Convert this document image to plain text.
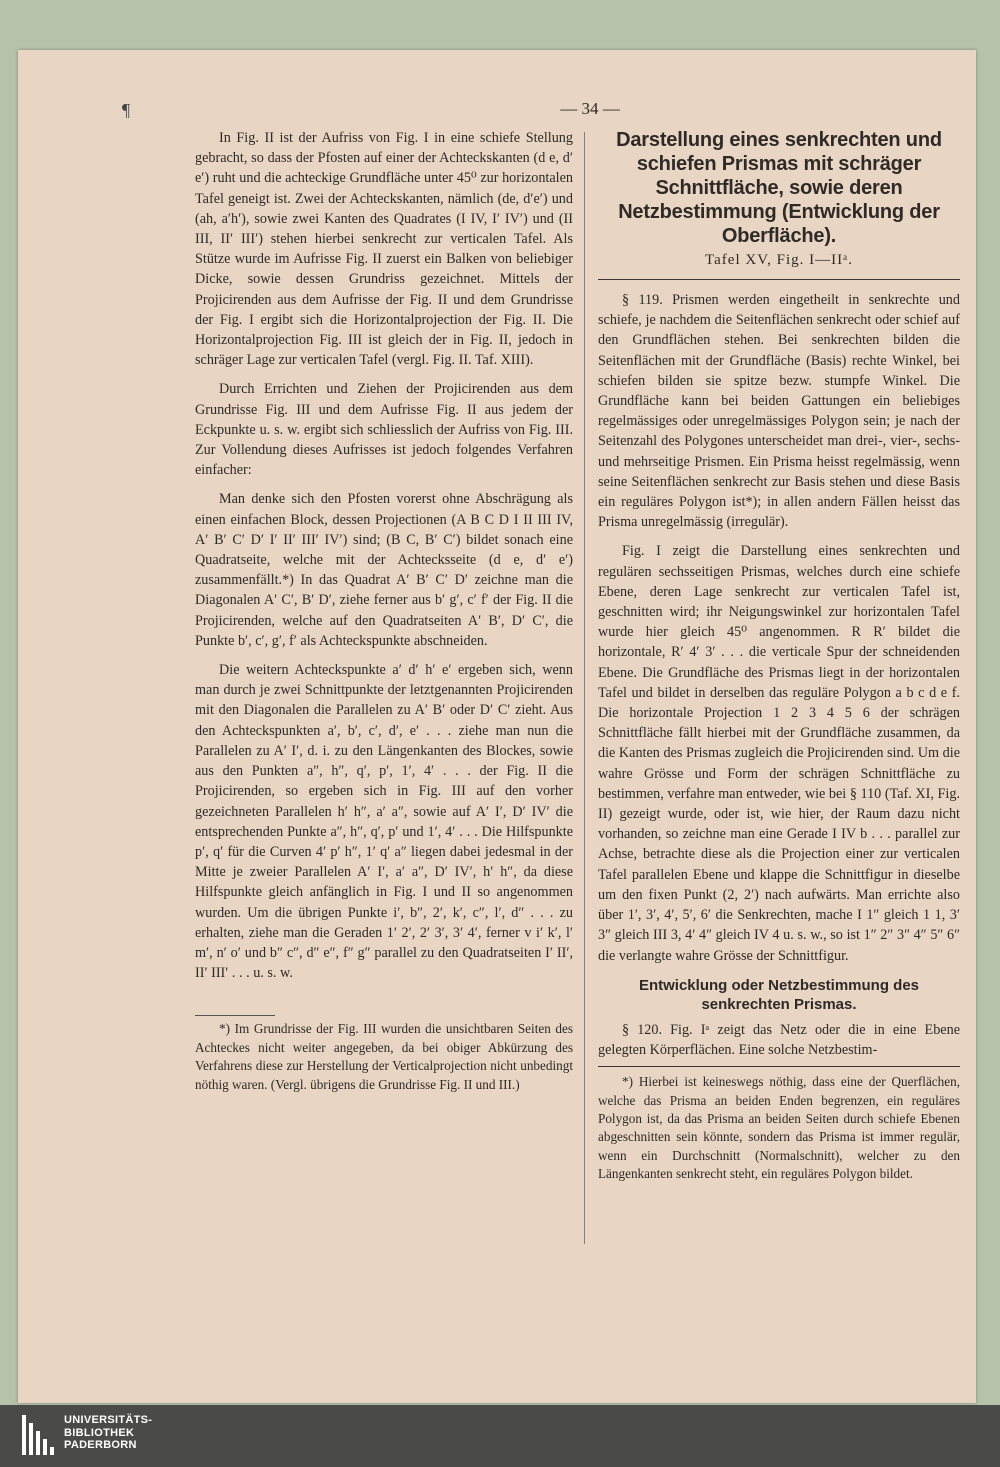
¶	— 34 —

In Fig. II ist der Aufriss von Fig. I in eine schiefe Stellung gebracht, so dass der Pfosten auf einer der Achteckskanten (d e, d′ e′) ruht und die achteckige Grundfläche unter 45⁰ zur horizontalen Tafel geneigt ist. Zwei der Achteckskanten, nämlich (de, d′e′) und (ah, a′h′), sowie zwei Kanten des Quadrates (I IV, I′ IV′) und (II III, II′ III′) stehen hierbei senkrecht zur verticalen Tafel. Als Stütze wurde im Aufrisse Fig. II zuerst ein Balken von beliebiger Dicke, sowie dessen Grundriss gezeichnet. Mittels der Projicirenden aus dem Aufrisse der Fig. II und dem Grundrisse der Fig. I ergibt sich die Horizontalprojection der Fig. II. Die Horizontalprojection Fig. III ist gleich der in Fig. II, jedoch in schräger Lage zur verticalen Tafel (vergl. Fig. II. Taf. XIII).

Durch Errichten und Ziehen der Projicirenden aus dem Grundrisse Fig. III und dem Aufrisse Fig. II aus jedem der Eckpunkte u. s. w. ergibt sich schliesslich der Aufriss von Fig. III. Zur Vollendung dieses Aufrisses ist jedoch folgendes Verfahren einfacher:

Man denke sich den Pfosten vorerst ohne Abschrägung als einen einfachen Block, dessen Projectionen (A B C D I II III IV, A′ B′ C′ D′ I′ II′ III′ IV′) sind; (B C, B′ C′) bildet sonach eine Quadratseite, welche mit der Achtecksseite (d e, d′ e′) zusammenfällt.*) In das Quadrat A′ B′ C′ D′ zeichne man die Diagonalen A′ C′, B′ D′, ziehe ferner aus b′ g′, c′ f′ der Fig. II die Projicirenden, welche auf den Quadratseiten A′ B′, D′ C′, die Punkte b′, c′, g′, f′ als Achteckspunkte abschneiden.

Die weitern Achteckspunkte a′ d′ h′ e′ ergeben sich, wenn man durch je zwei Schnittpunkte der letztgenannten Projicirenden mit den Diagonalen die Parallelen zu A′ B′ oder D′ C′ zieht. Aus den Achteckspunkten a′, b′, c′, d′, e′ . . . ziehe man nun die Parallelen zu A′ I′, d. i. zu den Längenkanten des Blockes, sowie aus den Punkten a″, h″, q′, p′, 1′, 4′ . . . der Fig. II die Projicirenden, so ergeben sich in Fig. III auf den vorher gezeichneten Parallelen h′ h″, a′ a″, sowie auf A′ I′, D′ IV′ die entsprechenden Punkte a″, h″, q′, p′ und 1′, 4′ . . . Die Hilfspunkte p′, q′ für die Curven 4′ p′ h″, 1′ q′ a″ liegen dabei jedesmal in der Mitte je zweier Parallelen A′ I′, a′ a″, D′ IV′, h′ h″, da diese Hilfspunkte gleich anfänglich in Fig. I und II so angenommen wurden. Um die übrigen Punkte i′, b″, 2′, k′, c″, l′, d″ . . . zu erhalten, ziehe man die Geraden 1′ 2′, 2′ 3′, 3′ 4′, ferner v i′ k′, l′ m′, n′ o′ und b″ c″, d″ e″, f″ g″ parallel zu den Quadratseiten I′ II′, II′ III′ . . . u. s. w.

*) Im Grundrisse der Fig. III wurden die unsichtbaren Seiten des Achteckes nicht weiter angegeben, da bei obiger Abkürzung des Verfahrens diese zur Herstellung der Verticalprojection nicht unbedingt nöthig waren. (Vergl. übrigens die Grundrisse Fig. II und III.)

Darstellung eines senkrechten und schiefen Prismas mit schräger Schnittfläche, sowie deren Netzbestimmung (Entwicklung der Oberfläche).
Tafel XV, Fig. I—IIᵃ.

§ 119. Prismen werden eingetheilt in senkrechte und schiefe, je nachdem die Seitenflächen senkrecht oder schief auf den Grundflächen stehen. Bei senkrechten bilden die Seitenflächen mit der Grundfläche (Basis) rechte Winkel, bei schiefen bilden sie spitze bezw. stumpfe Winkel. Die Grundfläche kann bei beiden Gattungen ein beliebiges regelmässiges oder unregelmässiges Polygon sein; je nach der Seitenzahl des Polygones unterscheidet man drei-, vier-, sechs- und mehrseitige Prismen. Ein Prisma heisst regelmässig, wenn seine Seitenflächen senkrecht zur Basis stehen und diese Basis ein reguläres Polygon ist*); in allen andern Fällen heisst das Prisma unregelmässig (irregulär).

Fig. I zeigt die Darstellung eines senkrechten und regulären sechsseitigen Prismas, welches durch eine schiefe Ebene, deren Lage senkrecht zur verticalen Tafel ist, geschnitten wird; ihr Neigungswinkel zur horizontalen Tafel wurde hier gleich 45⁰ angenommen. R R′ bildet die horizontale, R′ 4′ 3′ . . . die verticale Spur der schneidenden Ebene. Die Grundfläche des Prismas liegt in der horizontalen Tafel und bildet in derselben das reguläre Polygon a b c d e f. Die horizontale Projection 1 2 3 4 5 6 der schrägen Schnittfläche fällt hierbei mit der Grundfläche zusammen, da die Kanten des Prismas zugleich die Projicirenden sind. Um die wahre Grösse und Form der schrägen Schnittfläche zu bestimmen, verfahre man entweder, wie bei § 110 (Taf. XI, Fig. II) gezeigt wurde, oder ist, wie hier, der Raum dazu nicht vorhanden, so zeichne man eine Gerade I IV b . . . parallel zur Achse, betrachte diese als die Projection einer zur verticalen Tafel parallelen Ebene und klappe die Schnittfigur in dieselbe um den fixen Punkt (2, 2′) nach aufwärts. Man errichte also über 1′, 3′, 4′, 5′, 6′ die Senkrechten, mache I 1″ gleich 1 1, 3′ 3″ gleich III 3, 4′ 4″ gleich IV 4 u. s. w., so ist 1″ 2″ 3″ 4″ 5″ 6″ die verlangte wahre Grösse der Schnittfigur.

Entwicklung oder Netzbestimmung des senkrechten Prismas.

§ 120. Fig. Iᵃ zeigt das Netz oder die in eine Ebene gelegten Körperflächen. Eine solche Netzbestim-

*) Hierbei ist keineswegs nöthig, dass eine der Querflächen, welche das Prisma an beiden Enden begrenzen, ein reguläres Polygon ist, da das Prisma an beiden Seiten durch schiefe Ebenen abgeschnitten sein könnte, sondern das Prisma ist immer regulär, wenn ein Durchschnitt (Normalschnitt), welcher zu den Längenkanten senkrecht steht, ein reguläres Polygon bildet.

UNIVERSITÄTS-
BIBLIOTHEK
PADERBORN
